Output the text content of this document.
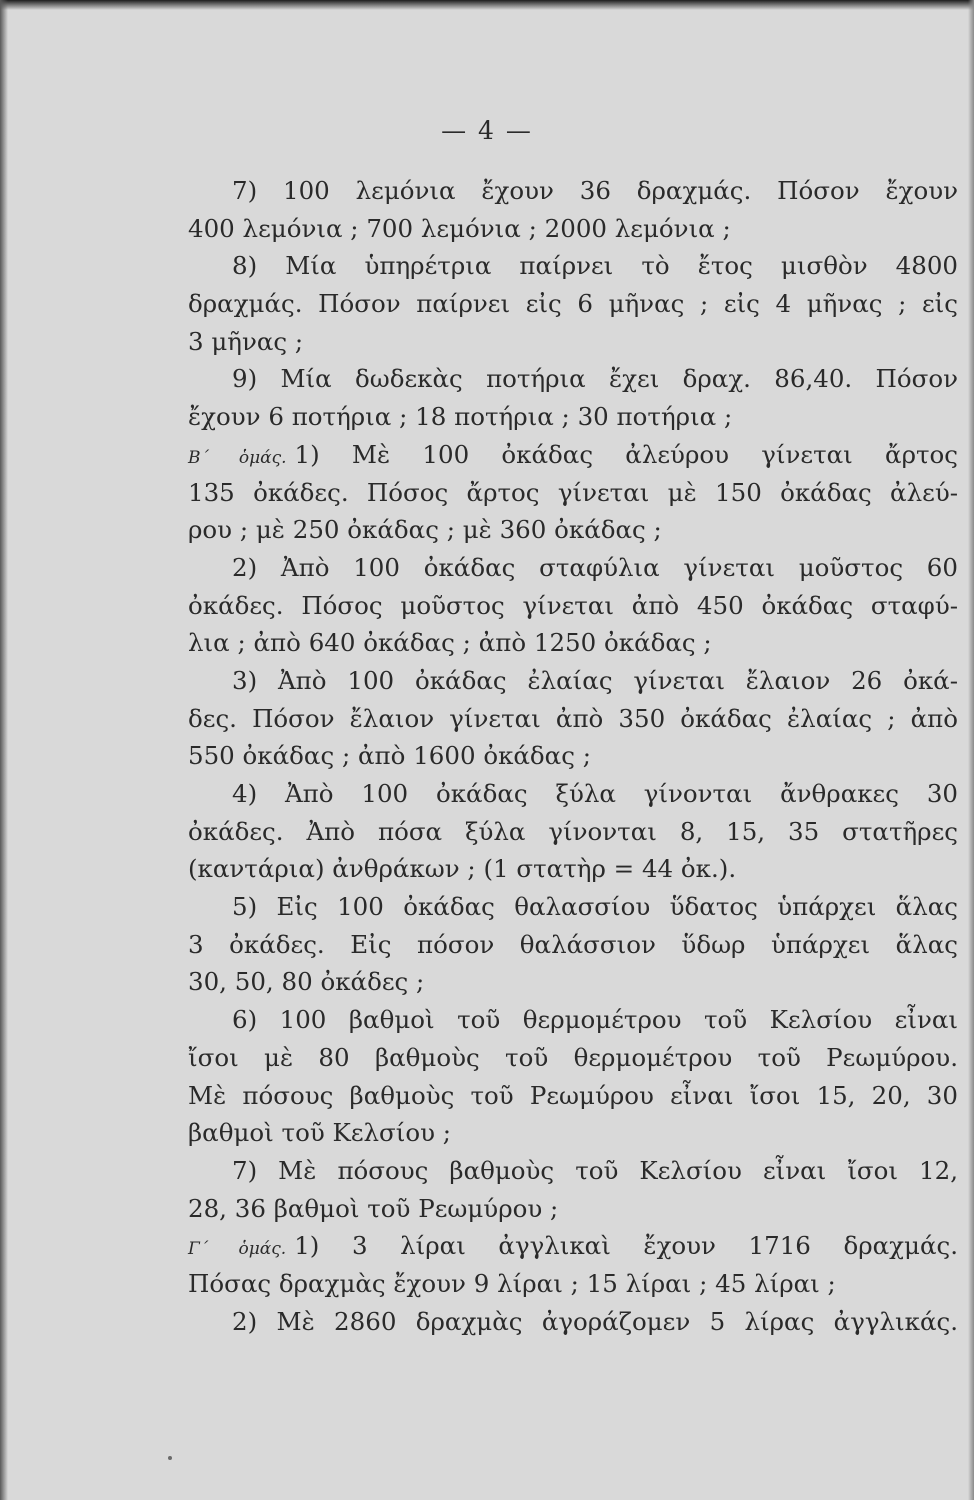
— 4 —
7) 100 λεμόνια ἔχουν 36 δραχμάς. Πόσον ἔχουν
400 λεμόνια ; 700 λεμόνια ; 2000 λεμόνια ;
8) Μία ὑπηρέτρια παίρνει τὸ ἔτος μισθὸν 4800
δραχμάς. Πόσον παίρνει εἰς 6 μῆνας ; εἰς 4 μῆνας ; εἰς
3 μῆνας ;
9) Μία δωδεκὰς ποτήρια ἔχει δραχ. 86,40. Πόσον
ἔχουν 6 ποτήρια ; 18 ποτήρια ; 30 ποτήρια ;
Β΄ ὁμάς. 1) Μὲ 100 ὀκάδας ἀλεύρου γίνεται ἄρτος
135 ὀκάδες. Πόσος ἄρτος γίνεται μὲ 150 ὀκάδας ἀλεύ-
ρου ; μὲ 250 ὀκάδας ; μὲ 360 ὀκάδας ;
2) Ἀπὸ 100 ὀκάδας σταφύλια γίνεται μοῦστος 60
ὀκάδες. Πόσος μοῦστος γίνεται ἀπὸ 450 ὀκάδας σταφύ-
λια ; ἀπὸ 640 ὀκάδας ; ἀπὸ 1250 ὀκάδας ;
3) Ἀπὸ 100 ὀκάδας ἐλαίας γίνεται ἔλαιον 26 ὀκά-
δες. Πόσον ἔλαιον γίνεται ἀπὸ 350 ὀκάδας ἐλαίας ; ἀπὸ
550 ὀκάδας ; ἀπὸ 1600 ὀκάδας ;
4) Ἀπὸ 100 ὀκάδας ξύλα γίνονται ἄνθρακες 30
ὀκάδες. Ἀπὸ πόσα ξύλα γίνονται 8, 15, 35 στατῆρες
(καντάρια) ἀνθράκων ; (1 στατὴρ = 44 ὀκ.).
5) Εἰς 100 ὀκάδας θαλασσίου ὕδατος ὑπάρχει ἅλας
3 ὀκάδες. Εἰς πόσον θαλάσσιον ὕδωρ ὑπάρχει ἅλας
30, 50, 80 ὀκάδες ;
6) 100 βαθμοὶ τοῦ θερμομέτρου τοῦ Κελσίου εἶναι
ἴσοι μὲ 80 βαθμοὺς τοῦ θερμομέτρου τοῦ Ρεωμύρου.
Μὲ πόσους βαθμοὺς τοῦ Ρεωμύρου εἶναι ἴσοι 15, 20, 30
βαθμοὶ τοῦ Κελσίου ;
7) Μὲ πόσους βαθμοὺς τοῦ Κελσίου εἶναι ἴσοι 12,
28, 36 βαθμοὶ τοῦ Ρεωμύρου ;
Γ΄ ὁμάς. 1) 3 λίραι ἀγγλικαὶ ἔχουν 1716 δραχμάς.
Πόσας δραχμὰς ἔχουν 9 λίραι ; 15 λίραι ; 45 λίραι ;
2) Μὲ 2860 δραχμὰς ἀγοράζομεν 5 λίρας ἀγγλικάς.
